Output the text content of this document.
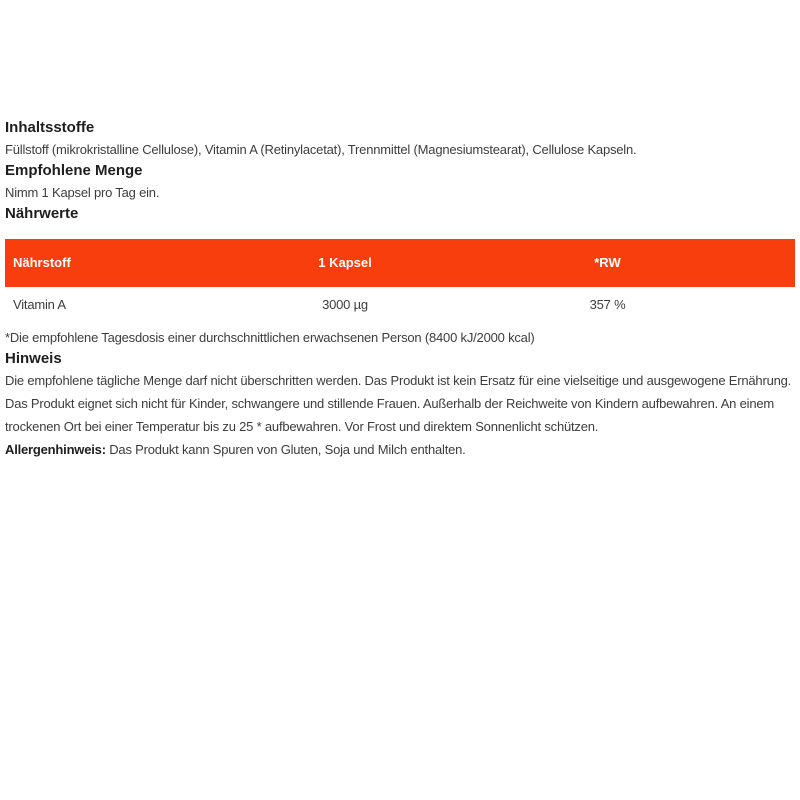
Inhaltsstoffe

Füllstoff (mikrokristalline Cellulose), Vitamin A (Retinylacetat), Trennmittel (Magnesiumstearat), Cellulose Kapseln.

Empfohlene Menge

Nimm 1 Kapsel pro Tag ein.

Nährwerte
Nährstoff	1 Kapsel	*RW
Vitamin A	3000 µg	357 %

*Die empfohlene Tagesdosis einer durchschnittlichen erwachsenen Person (8400 kJ/2000 kcal)

Hinweis

Die empfohlene tägliche Menge darf nicht überschritten werden. Das Produkt ist kein Ersatz für eine vielseitige und ausgewogene Ernährung. Das Produkt eignet sich nicht für Kinder, schwangere und stillende Frauen. Außerhalb der Reichweite von Kindern aufbewahren. An einem trockenen Ort bei einer Temperatur bis zu 25 * aufbewahren. Vor Frost und direktem Sonnenlicht schützen.

Allergenhinweis: Das Produkt kann Spuren von Gluten, Soja und Milch enthalten.
